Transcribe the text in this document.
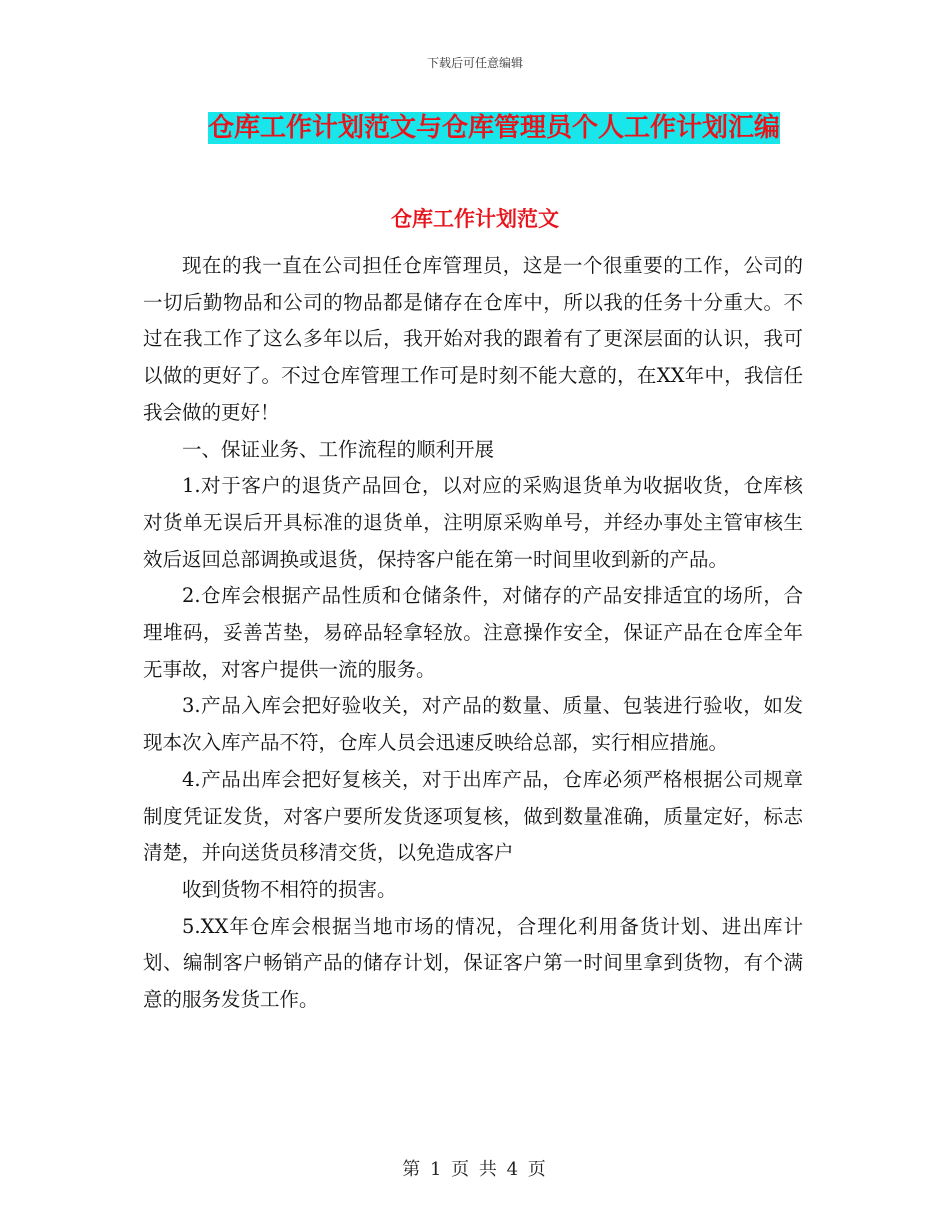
下载后可任意编辑
仓库工作计划范文与仓库管理员个人工作计划汇编
仓库工作计划范文

现在的我一直在公司担任仓库管理员，这是一个很重要的工作，公司的一切后勤物品和公司的物品都是储存在仓库中，所以我的任务十分重大。不过在我工作了这么多年以后，我开始对我的跟着有了更深层面的认识，我可以做的更好了。不过仓库管理工作可是时刻不能大意的，在XX年中，我信任我会做的更好！

一、保证业务、工作流程的顺利开展

1.对于客户的退货产品回仓，以对应的采购退货单为收据收货，仓库核对货单无误后开具标准的退货单，注明原采购单号，并经办事处主管审核生效后返回总部调换或退货，保持客户能在第一时间里收到新的产品。

2.仓库会根据产品性质和仓储条件，对储存的产品安排适宜的场所，合理堆码，妥善苫垫，易碎品轻拿轻放。注意操作安全，保证产品在仓库全年无事故，对客户提供一流的服务。

3.产品入库会把好验收关，对产品的数量、质量、包装进行验收，如发现本次入库产品不符，仓库人员会迅速反映给总部，实行相应措施。

4.产品出库会把好复核关，对于出库产品，仓库必须严格根据公司规章制度凭证发货，对客户要所发货逐项复核，做到数量准确，质量定好，标志清楚，并向送货员移清交货，以免造成客户

收到货物不相符的损害。

5.XX年仓库会根据当地市场的情况，合理化利用备货计划、进出库计划、编制客户畅销产品的储存计划，保证客户第一时间里拿到货物，有个满意的服务发货工作。

第 1 页 共 4 页
